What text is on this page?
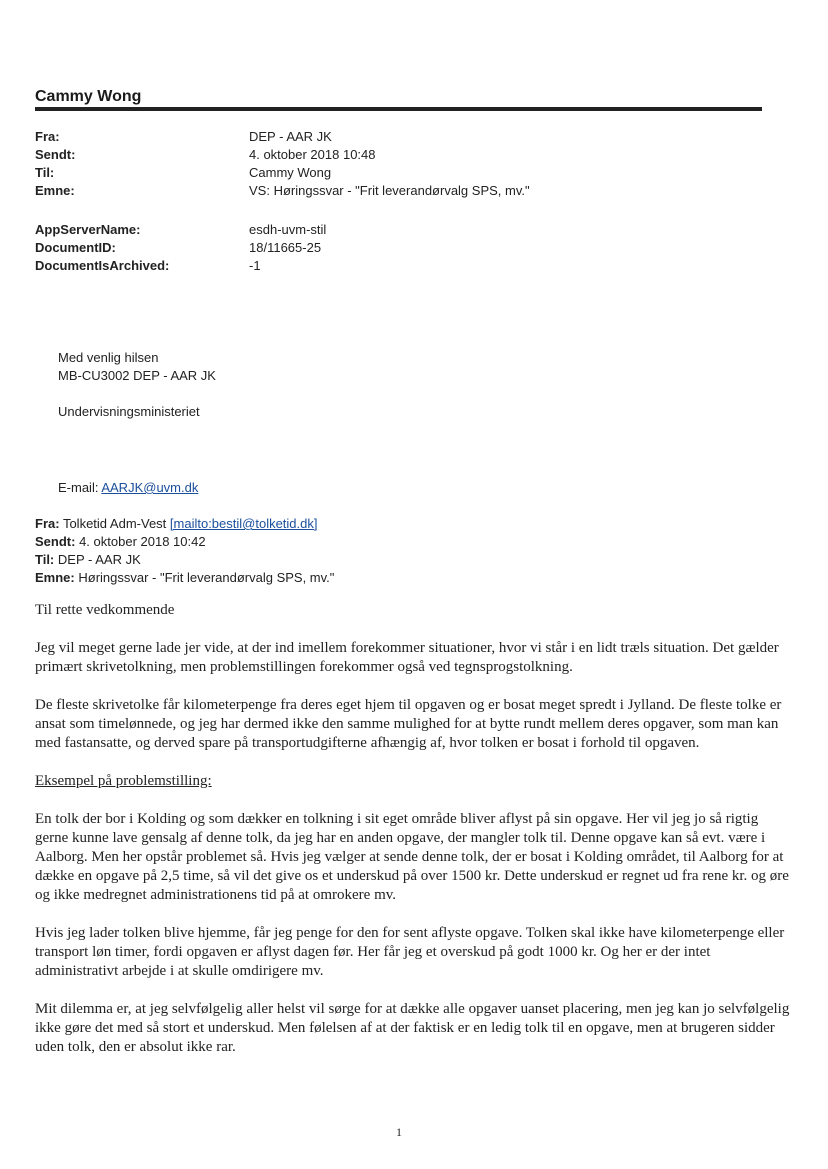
Cammy Wong
Fra:	DEP - AAR JK
Sendt:	4. oktober 2018 10:48
Til:	Cammy Wong
Emne:	VS: Høringssvar - "Frit leverandørvalg SPS, mv."
AppServerName:	esdh-uvm-stil
DocumentID:	18/11665-25
DocumentIsArchived:	-1
Med venlig hilsen
MB-CU3002 DEP - AAR JK
Undervisningsministeriet
E-mail: AARJK@uvm.dk
Fra: Tolketid Adm-Vest [mailto:bestil@tolketid.dk]
Sendt: 4. oktober 2018 10:42
Til: DEP - AAR JK
Emne: Høringssvar - "Frit leverandørvalg SPS, mv."

Til rette vedkommende

Jeg vil meget gerne lade jer vide, at der ind imellem forekommer situationer, hvor vi står i en lidt træls situation. Det gælder primært skrivetolkning, men problemstillingen forekommer også ved tegnsprogstolkning.

De fleste skrivetolke får kilometerpenge fra deres eget hjem til opgaven og er bosat meget spredt i Jylland. De fleste tolke er ansat som timelønnede, og jeg har dermed ikke den samme mulighed for at bytte rundt mellem deres opgaver, som man kan med fastansatte, og derved spare på transportudgifterne afhængig af, hvor tolken er bosat i forhold til opgaven.

Eksempel på problemstilling:

En tolk der bor i Kolding og som dækker en tolkning i sit eget område bliver aflyst på sin opgave. Her vil jeg jo så rigtig gerne kunne lave gensalg af denne tolk, da jeg har en anden opgave, der mangler tolk til. Denne opgave kan så evt. være i Aalborg. Men her opstår problemet så. Hvis jeg vælger at sende denne tolk, der er bosat i Kolding området, til Aalborg for at dække en opgave på 2,5 time, så vil det give os et underskud på over 1500 kr. Dette underskud er regnet ud fra rene kr. og øre og ikke medregnet administrationens tid på at omrokere mv.

Hvis jeg lader tolken blive hjemme, får jeg penge for den for sent aflyste opgave. Tolken skal ikke have kilometerpenge eller transport løn timer, fordi opgaven er aflyst dagen før. Her får jeg et overskud på godt 1000 kr. Og her er der intet administrativt arbejde i at skulle omdirigere mv.

Mit dilemma er, at jeg selvfølgelig aller helst vil sørge for at dække alle opgaver uanset placering, men jeg kan jo selvfølgelig ikke gøre det med så stort et underskud. Men følelsen af at der faktisk er en ledig tolk til en opgave, men at brugeren sidder uden tolk, den er absolut ikke rar.

1
